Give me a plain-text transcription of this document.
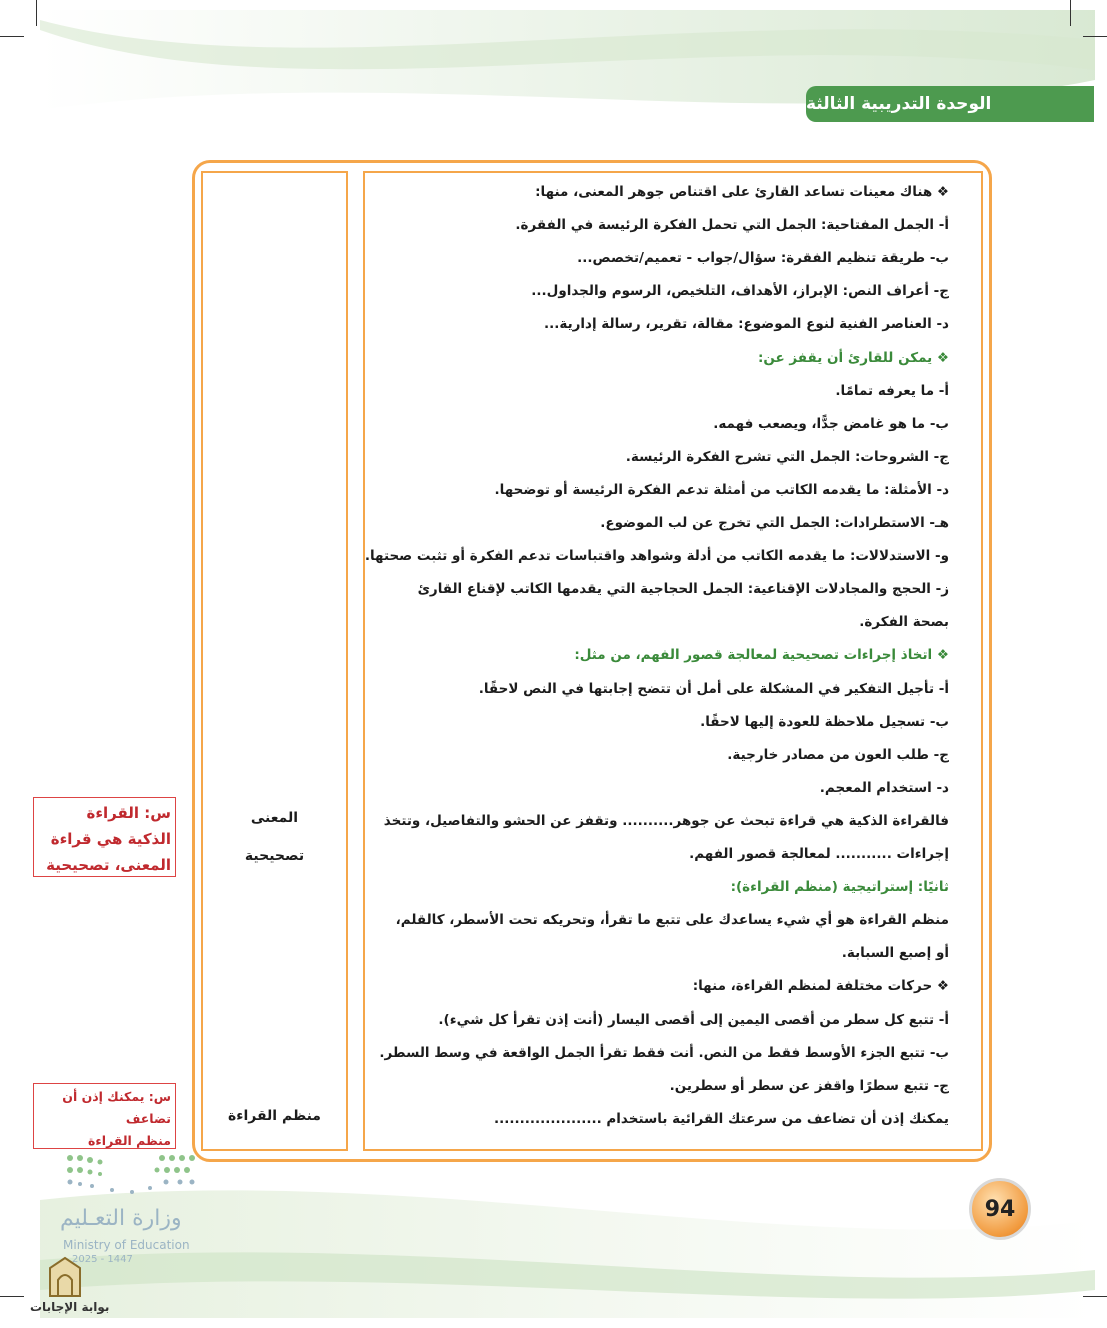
الوحدة التدريبية الثالثة
❖ هناك معينات تساعد القارئ على اقتناص جوهر المعنى، منها:
أ- الجمل المفتاحية: الجمل التي تحمل الفكرة الرئيسة في الفقرة.
ب- طريقة تنظيم الفقرة: سؤال/جواب - تعميم/تخصص...
ج- أعراف النص: الإبراز، الأهداف، التلخيص، الرسوم والجداول...
د- العناصر الفنية لنوع الموضوع: مقالة، تقرير، رسالة إدارية...
❖ يمكن للقارئ أن يقفز عن:
أ- ما يعرفه تمامًا.
ب- ما هو غامض جدًّا، ويصعب فهمه.
ج- الشروحات: الجمل التي تشرح الفكرة الرئيسة.
د- الأمثلة: ما يقدمه الكاتب من أمثلة تدعم الفكرة الرئيسة أو توضحها.
هـ- الاستطرادات: الجمل التي تخرج عن لب الموضوع.
و- الاستدلالات: ما يقدمه الكاتب من أدلة وشواهد واقتباسات تدعم الفكرة أو تثبت صحتها.
ز- الحجج والمجادلات الإقناعية: الجمل الحجاجية التي يقدمها الكاتب لإقناع القارئ
بصحة الفكرة.
❖ اتخاذ إجراءات تصحيحية لمعالجة قصور الفهم، من مثل:
أ- تأجيل التفكير في المشكلة على أمل أن تتضح إجابتها في النص لاحقًا.
ب- تسجيل ملاحظة للعودة إليها لاحقًا.
ج- طلب العون من مصادر خارجية.
د- استخدام المعجم.
فالقراءة الذكية هي قراءة تبحث عن جوهر.......... وتقفز عن الحشو والتفاصيل، وتتخذ
إجراءات ........... لمعالجة قصور الفهم.
ثانيًا: إستراتيجية (منظم القراءة):
منظم القراءة هو أي شيء يساعدك على تتبع ما تقرأ، وتحريكه تحت الأسطر، كالقلم،
أو إصبع السبابة.
❖ حركات مختلفة لمنظم القراءة، منها:
أ- تتبع كل سطر من أقصى اليمين إلى أقصى اليسار (أنت إذن تقرأ كل شيء).
ب- تتبع الجزء الأوسط فقط من النص. أنت فقط تقرأ الجمل الواقعة في وسط السطر.
ج- تتبع سطرًا واقفز عن سطر أو سطرين.
يمكنك إذن أن تضاعف من سرعتك القرائية باستخدام .....................
المعنى
تصحيحية
منظم القراءة
س: القراءة الذكية هي قراءة
المعنى، تصحيحية
س: يمكنك إذن أن تضاعف
منظم القراءة
94
وزارة التعـليم
Ministry of Education
2025 - 1447
بوابة الإجابات
